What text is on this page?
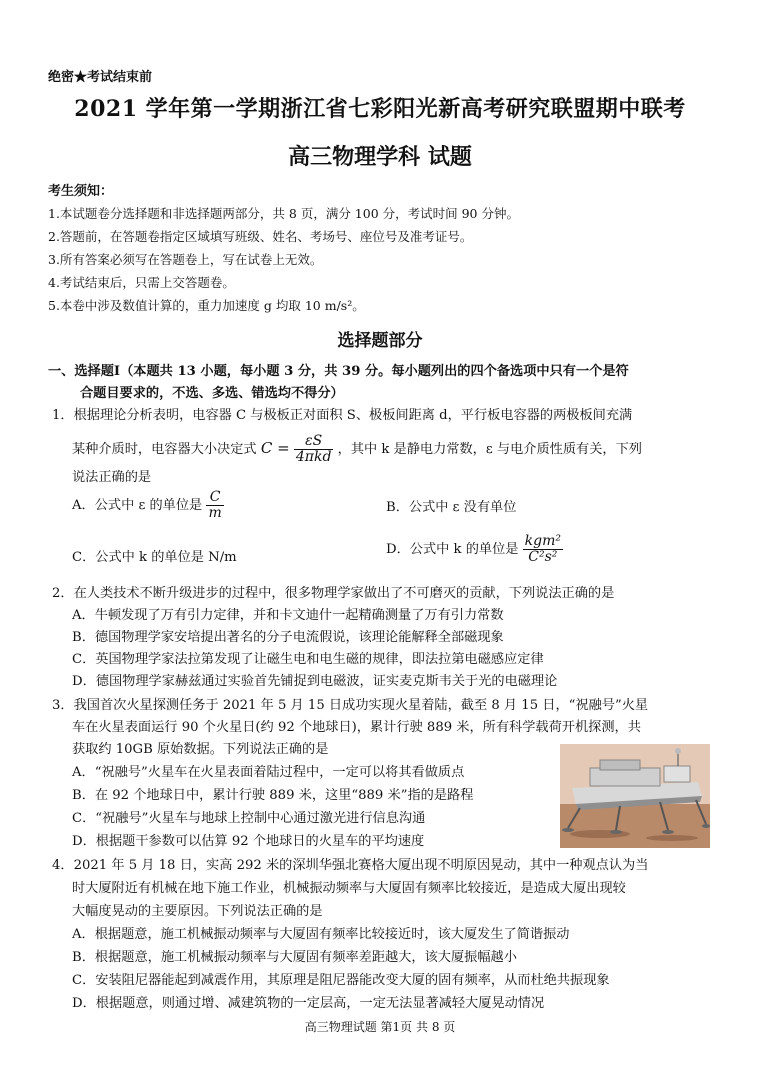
绝密★考试结束前
2021 学年第一学期浙江省七彩阳光新高考研究联盟期中联考
高三物理学科 试题
考生须知：
1.本试题卷分选择题和非选择题两部分，共 8 页，满分 100 分，考试时间 90 分钟。
2.答题前，在答题卷指定区域填写班级、姓名、考场号、座位号及准考证号。
3.所有答案必须写在答题卷上，写在试卷上无效。
4.考试结束后，只需上交答题卷。
5.本卷中涉及数值计算的，重力加速度 g 均取 10 m/s²。
选择题部分
一、选择题Ⅰ（本题共 13 小题，每小题 3 分，共 39 分。每小题列出的四个备选项中只有一个是符
合题目要求的，不选、多选、错选均不得分）
1．根据理论分析表明，电容器 C 与极板正对面积 S、极板间距离 d，平行板电容器的两极板间充满
某种介质时，电容器大小决定式 $C = \frac{\varepsilon S}{\text{4πkd}}$ ，其中 k 是静电力常数，ε 与电介质性质有关，下列
说法正确的是
A．公式中 ε 的单位是 $\frac{C}{m}$	B．公式中 ε 没有单位
C．公式中 k 的单位是 N/m
D．公式中 k 的单位是 $\frac{\text{kgm²}}{\text{C²s²}}$
2．在人类技术不断升级进步的过程中，很多物理学家做出了不可磨灭的贡献，下列说法正确的是
A．牛顿发现了万有引力定律，并和卡文迪什一起精确测量了万有引力常数
B．德国物理学家安培提出著名的分子电流假说，该理论能解释全部磁现象
C．英国物理学家法拉第发现了让磁生电和电生磁的规律，即法拉第电磁感应定律
D．德国物理学家赫兹通过实验首先铺捉到电磁波，证实麦克斯韦关于光的电磁理论
3．我国首次火星探测任务于 2021 年 5 月 15 日成功实现火星着陆，截至 8 月 15 日，“祝融号”火星
车在火星表面运行 90 个火星日(约 92 个地球日)，累计行驶 889 米，所有科学载荷开机探测，共
获取约 10GB 原始数据。下列说法正确的是
A．“祝融号”火星车在火星表面着陆过程中，一定可以将其看做质点
B．在 92 个地球日中，累计行驶 889 米，这里“889 米”指的是路程
C．“祝融号”火星车与地球上控制中心通过激光进行信息沟通
D．根据题干参数可以估算 92 个地球日的火星车的平均速度
4．2021 年 5 月 18 日，实高 292 米的深圳华强北赛格大厦出现不明原因晃动，其中一种观点认为当
时大厦附近有机械在地下施工作业，机械振动频率与大厦固有频率比较接近，是造成大厦出现较
大幅度晃动的主要原因。下列说法正确的是
A．根据题意，施工机械振动频率与大厦固有频率比较接近时，该大厦发生了简谐振动
B．根据题意，施工机械振动频率与大厦固有频率差距越大，该大厦振幅越小
C．安装阻尼器能起到减震作用，其原理是阻尼器能改变大厦的固有频率，从而杜绝共振现象
D．根据题意，则通过增、减建筑物的一定层高，一定无法显著减轻大厦晃动情况
高三物理试题 第1页 共 8 页
